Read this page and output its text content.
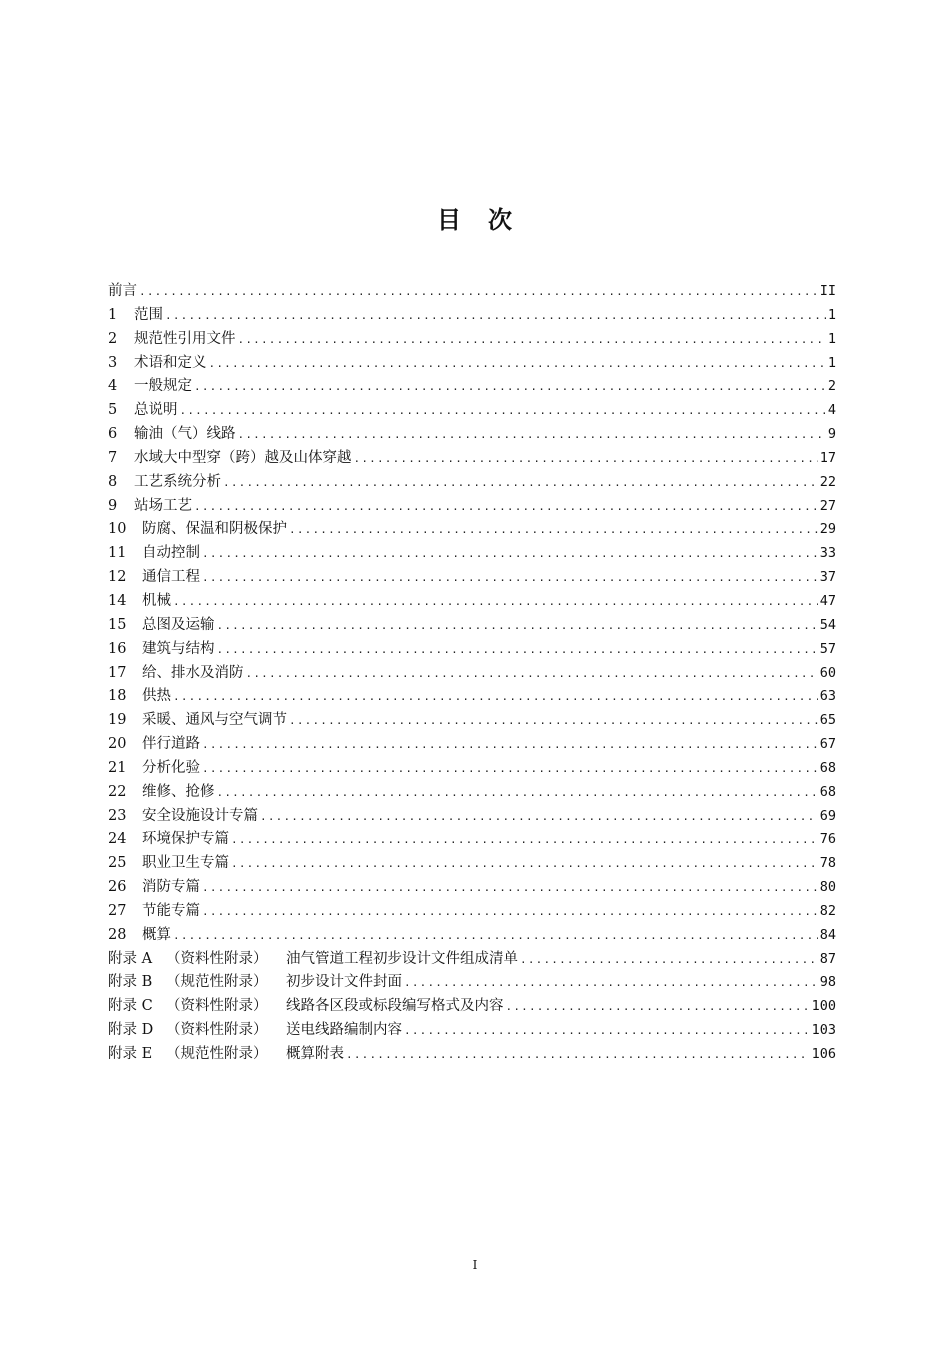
目 次
前言 .....	II
1	范围 .....	1
2	规范性引用文件 .....	1
3	术语和定义 .....	1
4	一般规定 .....	2
5	总说明 .....	4
6	输油（气）线路 .....	9
7	水域大中型穿（跨）越及山体穿越 .....	17
8	工艺系统分析 .....	22
9	站场工艺 .....	27
10	防腐、保温和阴极保护 .....	29
11	自动控制 .....	33
12	通信工程 .....	37
14	机械 .....	47
15	总图及运输 .....	54
16	建筑与结构 .....	57
17	给、排水及消防 .....	60
18	供热 .....	63
19	采暖、通风与空气调节 .....	65
20	伴行道路 .....	67
21	分析化验 .....	68
22	维修、抢修 .....	68
23	安全设施设计专篇 .....	69
24	环境保护专篇 .....	76
25	职业卫生专篇 .....	78
26	消防专篇 .....	80
27	节能专篇 .....	82
28	概算 .....	84
附录 A （资料性附录）	油气管道工程初步设计文件组成清单 .....	87
附录 B （规范性附录）	初步设计文件封面 .....	98
附录 C （资料性附录）	线路各区段或标段编写格式及内容 .....	100
附录 D （资料性附录）	送电线路编制内容 .....	103
附录 E （规范性附录）	概算附表 .....	106
I
